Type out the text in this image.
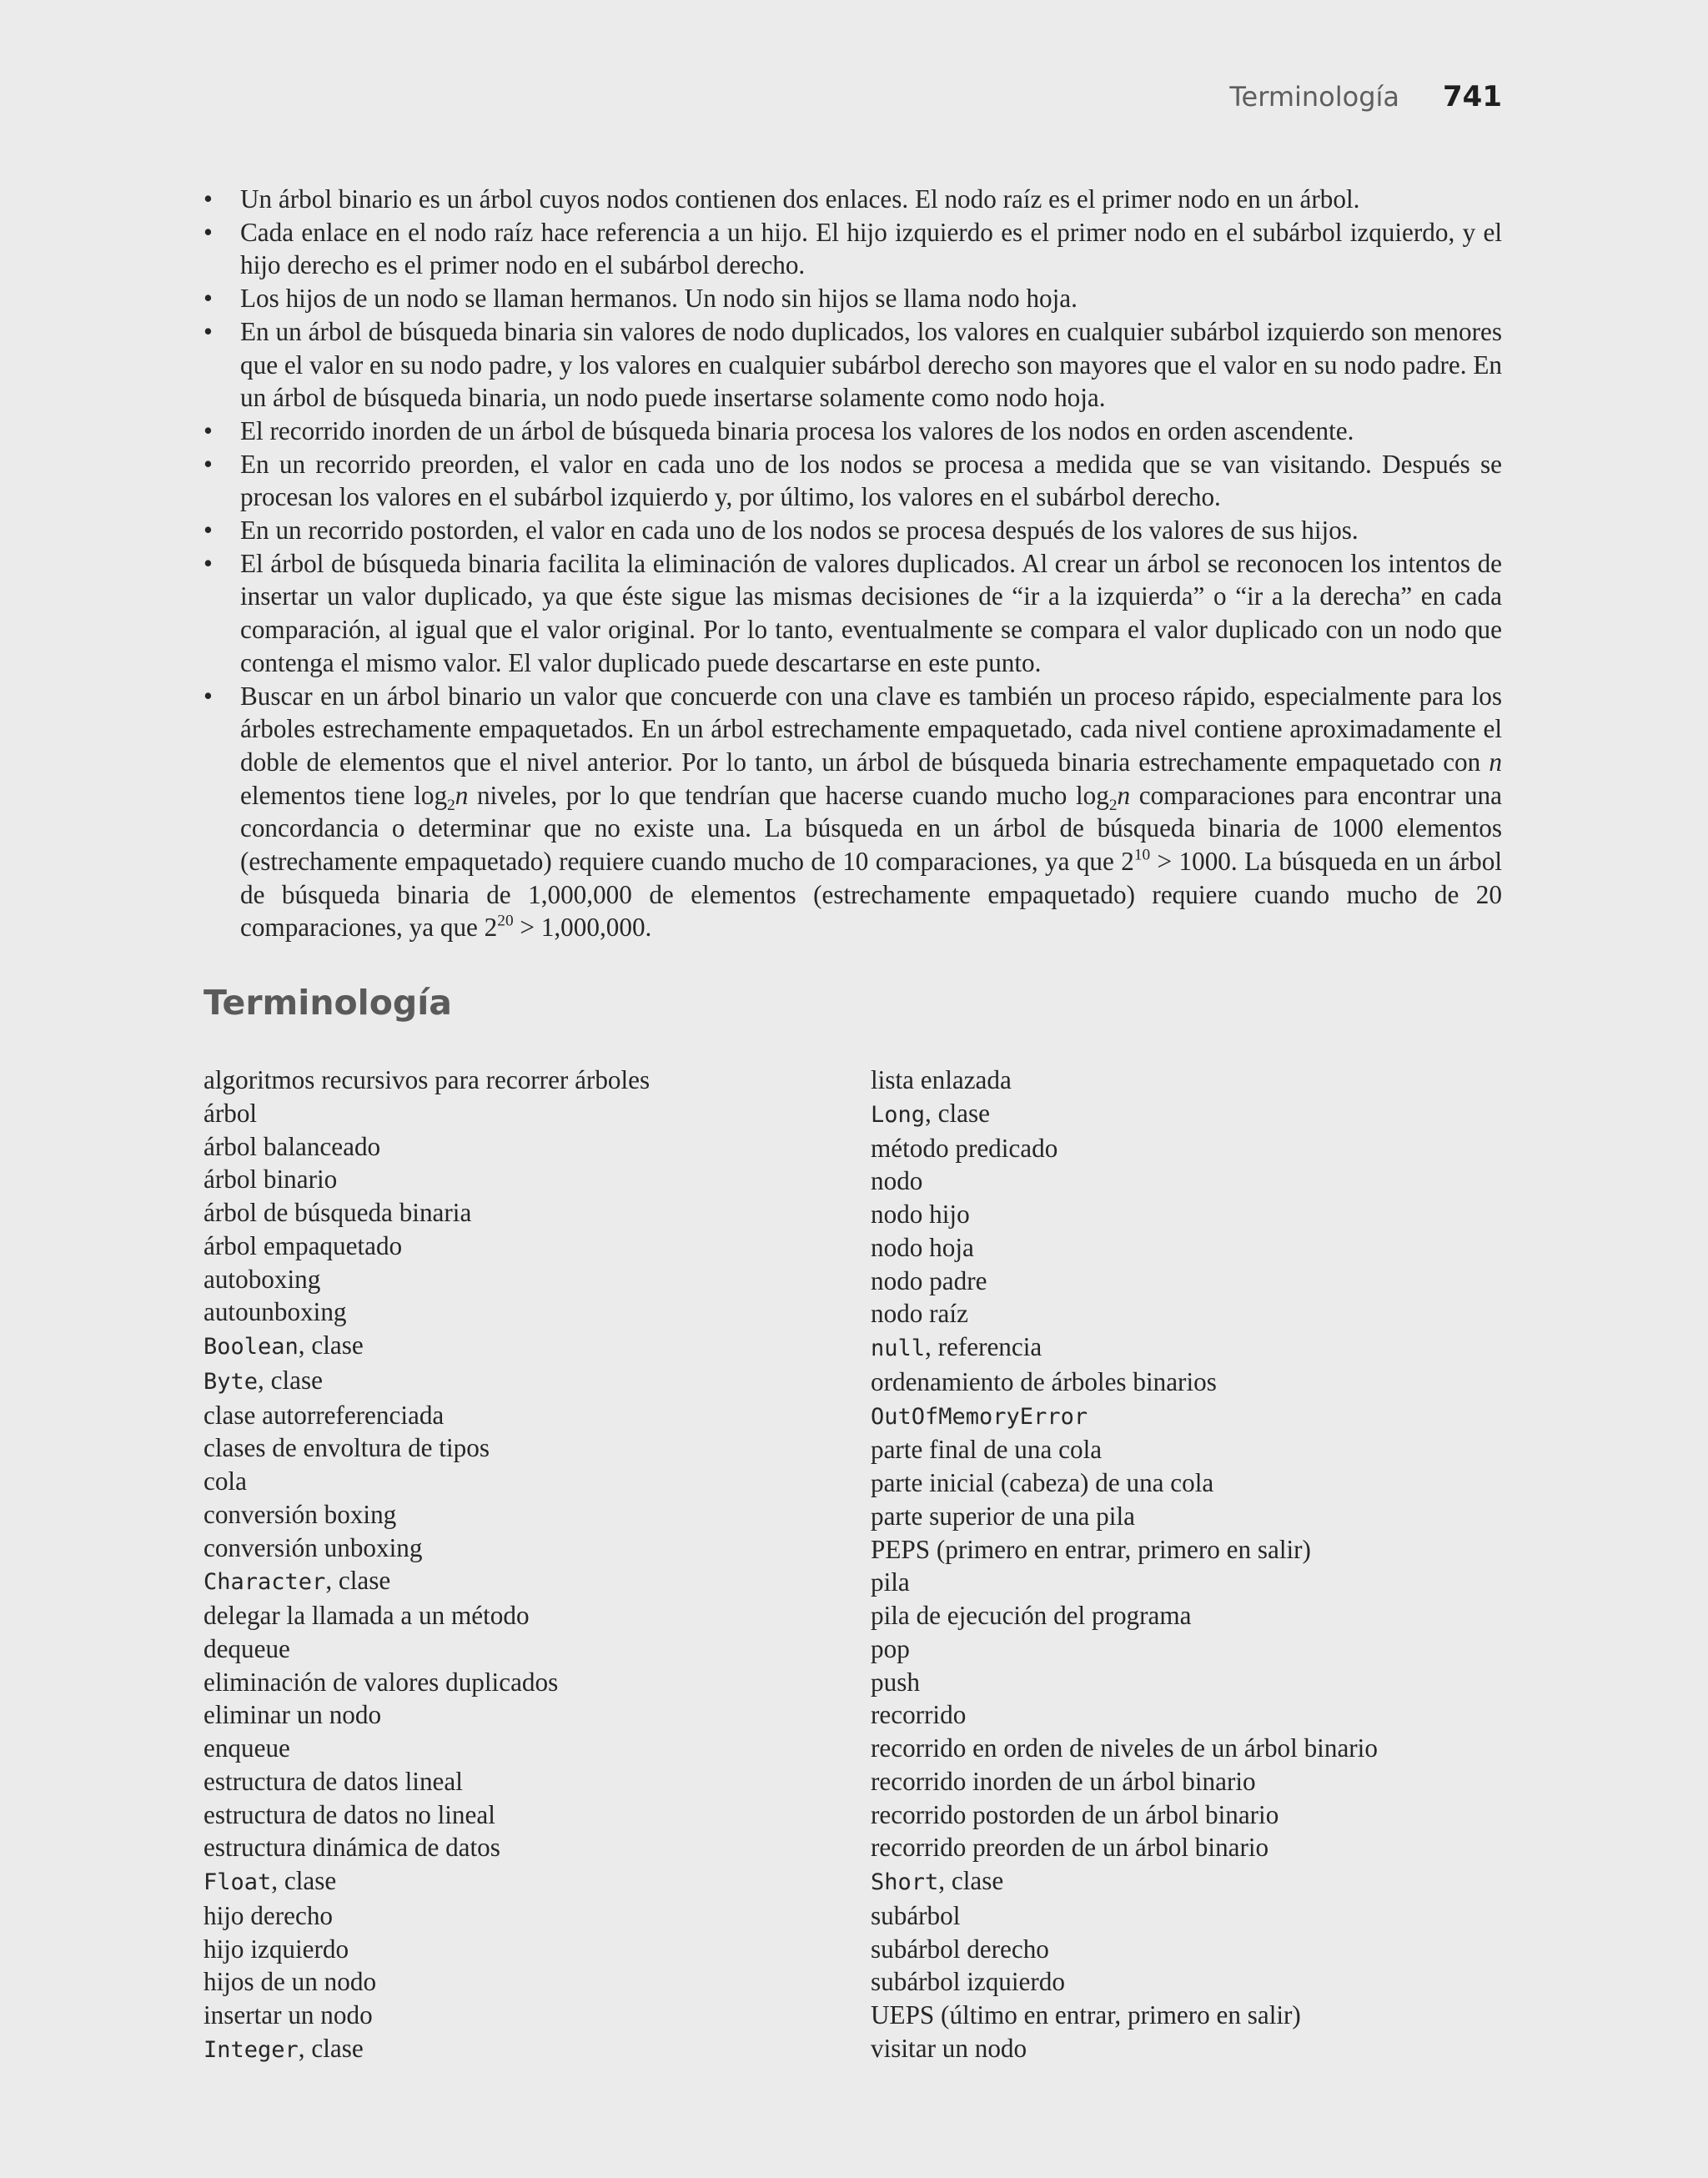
Terminología 741
• Un árbol binario es un árbol cuyos nodos contienen dos enlaces. El nodo raíz es el primer nodo en un árbol.
• Cada enlace en el nodo raíz hace referencia a un hijo. El hijo izquierdo es el primer nodo en el subárbol izquierdo, y el hijo derecho es el primer nodo en el subárbol derecho.
• Los hijos de un nodo se llaman hermanos. Un nodo sin hijos se llama nodo hoja.
• En un árbol de búsqueda binaria sin valores de nodo duplicados, los valores en cualquier subárbol izquierdo son menores que el valor en su nodo padre, y los valores en cualquier subárbol derecho son mayores que el valor en su nodo padre. En un árbol de búsqueda binaria, un nodo puede insertarse solamente como nodo hoja.
• El recorrido inorden de un árbol de búsqueda binaria procesa los valores de los nodos en orden ascendente.
• En un recorrido preorden, el valor en cada uno de los nodos se procesa a medida que se van visitando. Después se procesan los valores en el subárbol izquierdo y, por último, los valores en el subárbol derecho.
• En un recorrido postorden, el valor en cada uno de los nodos se procesa después de los valores de sus hijos.
• El árbol de búsqueda binaria facilita la eliminación de valores duplicados. Al crear un árbol se reconocen los intentos de insertar un valor duplicado, ya que éste sigue las mismas decisiones de “ir a la izquierda” o “ir a la derecha” en cada comparación, al igual que el valor original. Por lo tanto, eventualmente se compara el valor duplicado con un nodo que contenga el mismo valor. El valor duplicado puede descartarse en este punto.
• Buscar en un árbol binario un valor que concuerde con una clave es también un proceso rápido, especialmente para los árboles estrechamente empaquetados. En un árbol estrechamente empaquetado, cada nivel contiene aproximadamente el doble de elementos que el nivel anterior. Por lo tanto, un árbol de búsqueda binaria estrechamente empaquetado con n elementos tiene $\log_2n$ niveles, por lo que tendrían que hacerse cuando mucho $\log_2n$ comparaciones para encontrar una concordancia o determinar que no existe una. La búsqueda en un árbol de búsqueda binaria de 1000 elementos (estrechamente empaquetado) requiere cuando mucho de 10 comparaciones, ya que $2^{10} > 1000$. La búsqueda en un árbol de búsqueda binaria de 1,000,000 de elementos (estrechamente empaquetado) requiere cuando mucho de 20 comparaciones, ya que $2^{20} > 1,000,000$.
Terminología
algoritmos recursivos para recorrer árboles
árbol
árbol balanceado
árbol binario
árbol de búsqueda binaria
árbol empaquetado
autoboxing
autounboxing
Boolean, clase
Byte, clase
clase autorreferenciada
clases de envoltura de tipos
cola
conversión boxing
conversión unboxing
Character, clase
delegar la llamada a un método
dequeue
eliminación de valores duplicados
eliminar un nodo
enqueue
estructura de datos lineal
estructura de datos no lineal
estructura dinámica de datos
Float, clase
hijo derecho
hijo izquierdo
hijos de un nodo
insertar un nodo
Integer, clase
lista enlazada
Long, clase
método predicado
nodo
nodo hijo
nodo hoja
nodo padre
nodo raíz
null, referencia
ordenamiento de árboles binarios
OutOfMemoryError
parte final de una cola
parte inicial (cabeza) de una cola
parte superior de una pila
PEPS (primero en entrar, primero en salir)
pila
pila de ejecución del programa
pop
push
recorrido
recorrido en orden de niveles de un árbol binario
recorrido inorden de un árbol binario
recorrido postorden de un árbol binario
recorrido preorden de un árbol binario
Short, clase
subárbol
subárbol derecho
subárbol izquierdo
UEPS (último en entrar, primero en salir)
visitar un nodo
